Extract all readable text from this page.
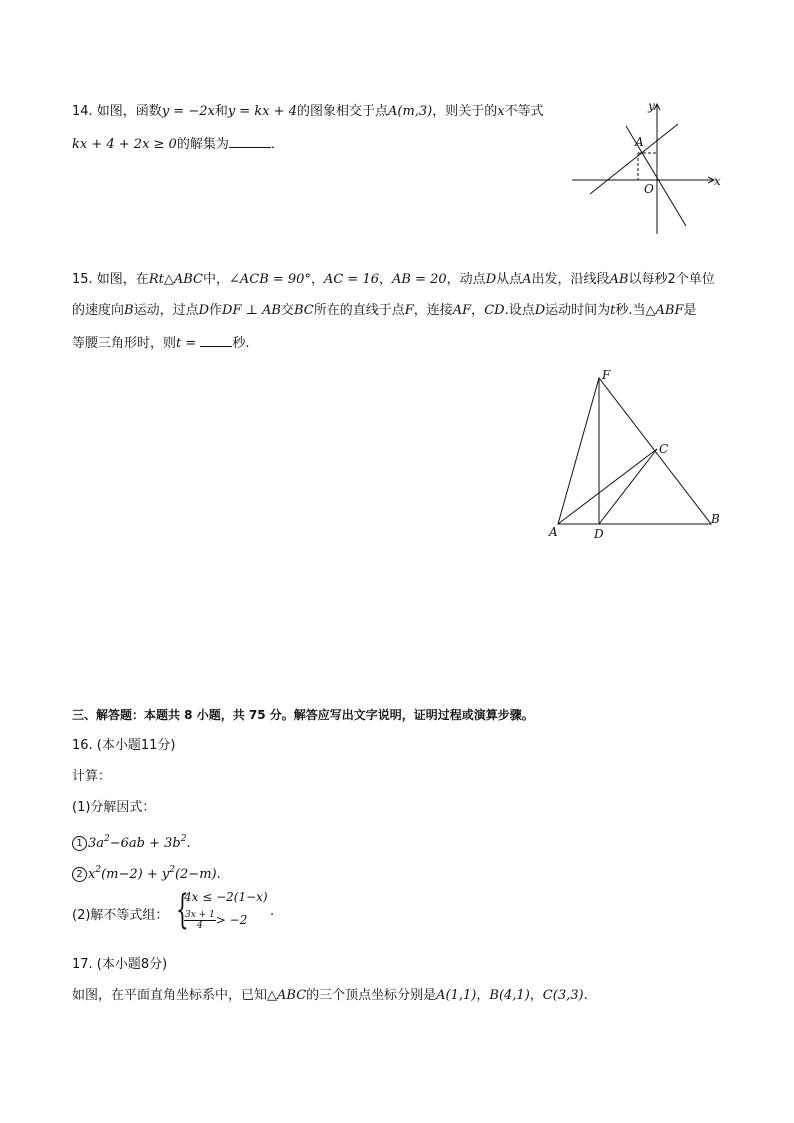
14. 如图，函数y = −2x和y = kx + 4的图象相交于点A(m,3)，则关于的x不等式
kx + 4 + 2x ≥ 0的解集为	．
y
x
A
O
15. 如图，在Rt△ABC中，∠ACB = 90°，AC = 16，AB = 20，动点D从点A出发，沿线段AB以每秒2个单位
的速度向B运动，过点D作DF ⊥ AB交BC所在的直线于点F，连接AF，CD.设点D运动时间为t秒.当△ABF是
等腰三角形时，则t = 秒.
F
C
B
A	D
三、解答题：本题共 8 小题，共 75 分。解答应写出文字说明，证明过程或演算步骤。
16. (本小题11分)
计算：
(1)分解因式：
1 $3a^2-6ab + 3b^2$.
2 $x^2(m-2) + y^2(2-m)$.
(2)解不等式组： {
4x ≤ −2(1−x)
$\frac{3x + 1}{4} > -2$
.
17. (本小题8分)
如图，在平面直角坐标系中，已知△ABC的三个顶点坐标分别是A(1,1)，B(4,1)，C(3,3).
